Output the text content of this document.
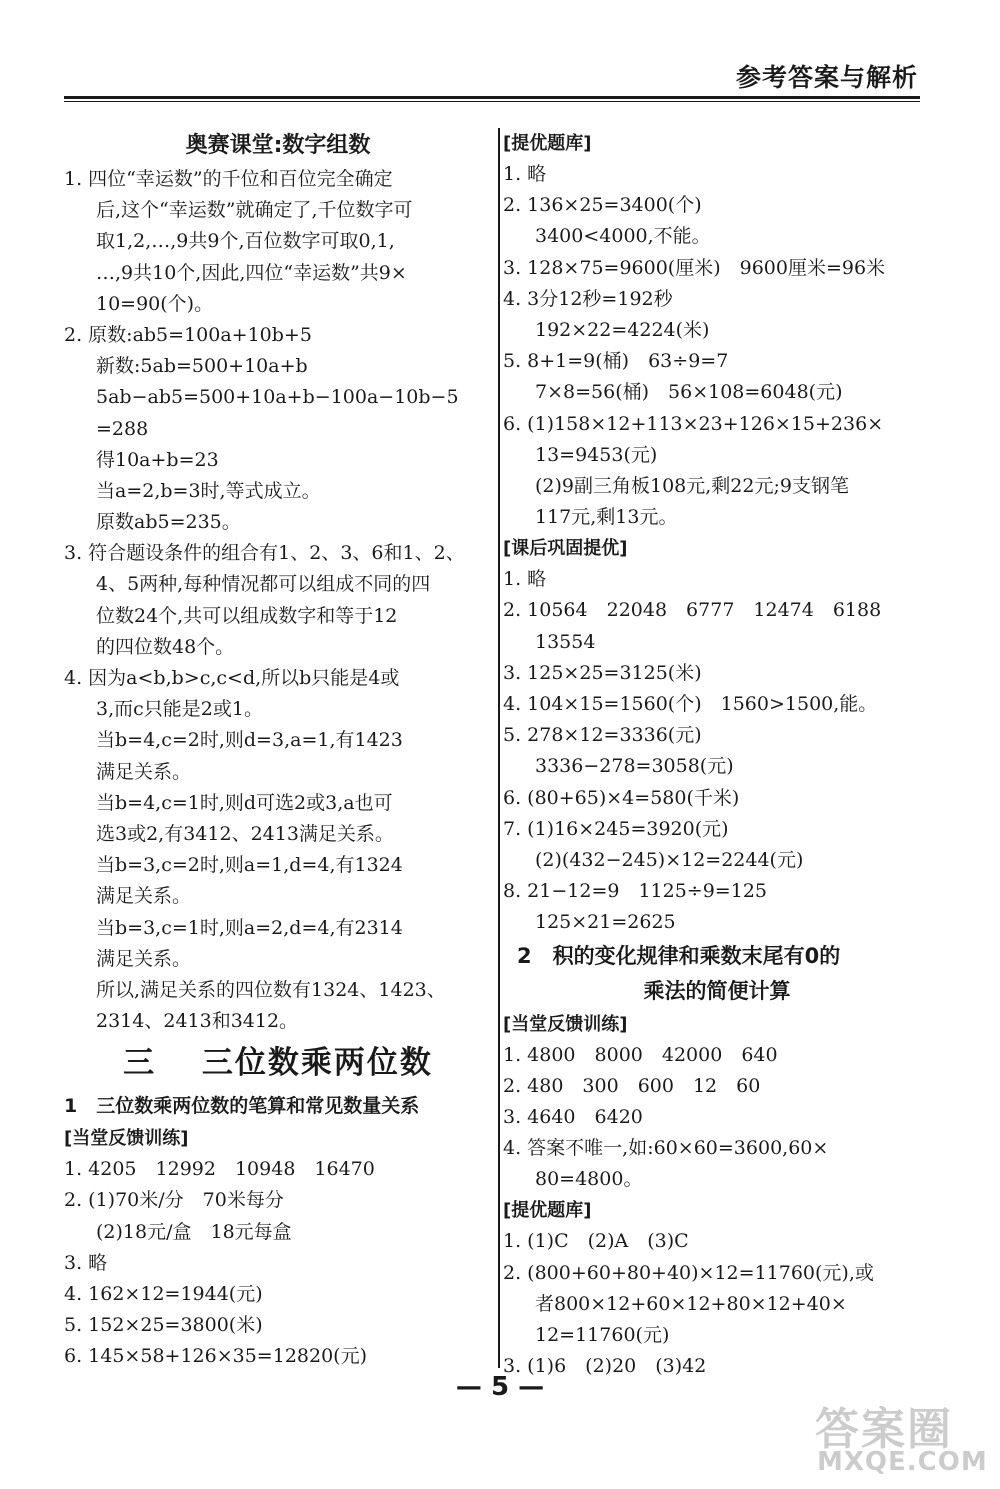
参考答案与解析
奥赛课堂:数字组数
1. 四位“幸运数”的千位和百位完全确定
后,这个“幸运数”就确定了,千位数字可
取1,2,…,9共9个,百位数字可取0,1,
…,9共10个,因此,四位“幸运数”共9×
10=90(个)。
2. 原数:ab5=100a+10b+5
新数:5ab=500+10a+b
5ab−ab5=500+10a+b−100a−10b−5
=288
得10a+b=23
当a=2,b=3时,等式成立。
原数ab5=235。
3. 符合题设条件的组合有1、2、3、6和1、2、
4、5两种,每种情况都可以组成不同的四
位数24个,共可以组成数字和等于12
的四位数48个。
4. 因为a<b,b>c,c<d,所以b只能是4或
3,而c只能是2或1。
当b=4,c=2时,则d=3,a=1,有1423
满足关系。
当b=4,c=1时,则d可选2或3,a也可
选3或2,有3412、2413满足关系。
当b=3,c=2时,则a=1,d=4,有1324
满足关系。
当b=3,c=1时,则a=2,d=4,有2314
满足关系。
所以,满足关系的四位数有1324、1423、
2314、2413和3412。
三　 三位数乘两位数
1　三位数乘两位数的笔算和常见数量关系
[当堂反馈训练]
1. 4205　12992　10948　16470
2. (1)70米/分　70米每分
(2)18元/盒　18元每盒
3. 略
4. 162×12=1944(元)
5. 152×25=3800(米)
6. 145×58+126×35=12820(元)
[提优题库]
1. 略
2. 136×25=3400(个)
3400<4000,不能。
3. 128×75=9600(厘米)　9600厘米=96米
4. 3分12秒=192秒
192×22=4224(米)
5. 8+1=9(桶)　63÷9=7
7×8=56(桶)　56×108=6048(元)
6. (1)158×12+113×23+126×15+236×
13=9453(元)
(2)9副三角板108元,剩22元;9支钢笔
117元,剩13元。
[课后巩固提优]
1. 略
2. 10564　22048　6777　12474　6188
13554
3. 125×25=3125(米)
4. 104×15=1560(个)　1560>1500,能。
5. 278×12=3336(元)
3336−278=3058(元)
6. (80+65)×4=580(千米)
7. (1)16×245=3920(元)
(2)(432−245)×12=2244(元)
8. 21−12=9　1125÷9=125
125×21=2625
2　积的变化规律和乘数末尾有0的
乘法的简便计算
[当堂反馈训练]
1. 4800　8000　42000　640
2. 480　300　600　12　60
3. 4640　6420
4. 答案不唯一,如:60×60=3600,60×
80=4800。
[提优题库]
1. (1)C　(2)A　(3)C
2. (800+60+80+40)×12=11760(元),或
者800×12+60×12+80×12+40×
12=11760(元)
3. (1)6　(2)20　(3)42
— 5 —
答案圈
MXQE.COM
